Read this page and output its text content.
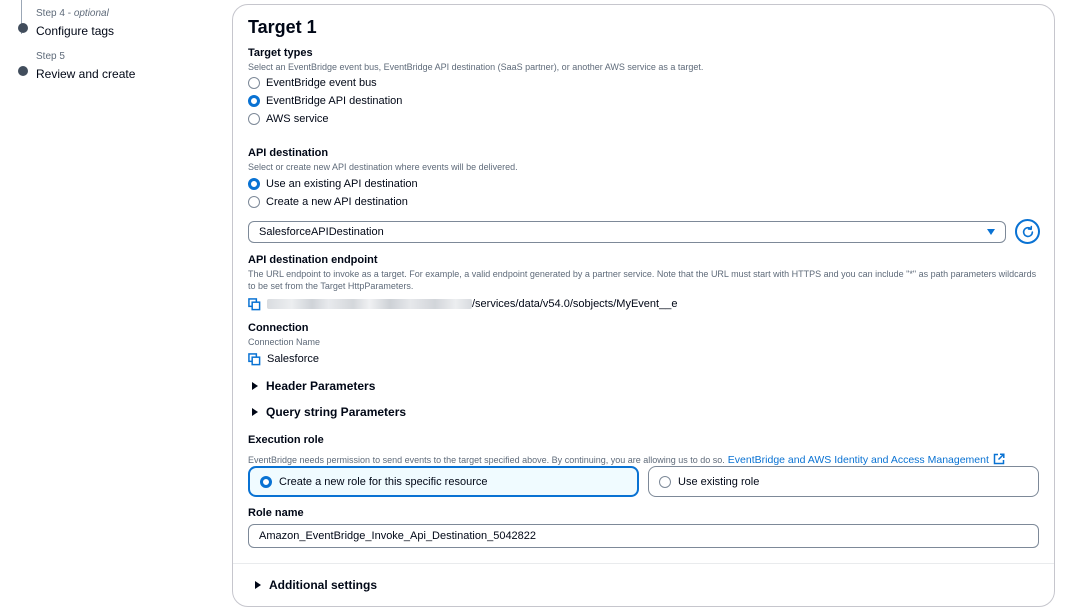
Step 4 - optional
Configure tags
Step 5
Review and create
Target 1
Target types
Select an EventBridge event bus, EventBridge API destination (SaaS partner), or another AWS service as a target.
EventBridge event bus
EventBridge API destination
AWS service
API destination
Select or create new API destination where events will be delivered.
Use an existing API destination
Create a new API destination
SalesforceAPIDestination
API destination endpoint
The URL endpoint to invoke as a target. For example, a valid endpoint generated by a partner service. Note that the URL must start with HTTPS and you can include "*" as path parameters wildcards to be set from the Target HttpParameters.
/services/data/v54.0/sobjects/MyEvent__e
Connection
Connection Name
Salesforce
Header Parameters
Query string Parameters
Execution role
EventBridge needs permission to send events to the target specified above. By continuing, you are allowing us to do so. EventBridge and AWS Identity and Access Management
Create a new role for this specific resource	Use existing role
Role name
Amazon_EventBridge_Invoke_Api_Destination_5042822
Additional settings
